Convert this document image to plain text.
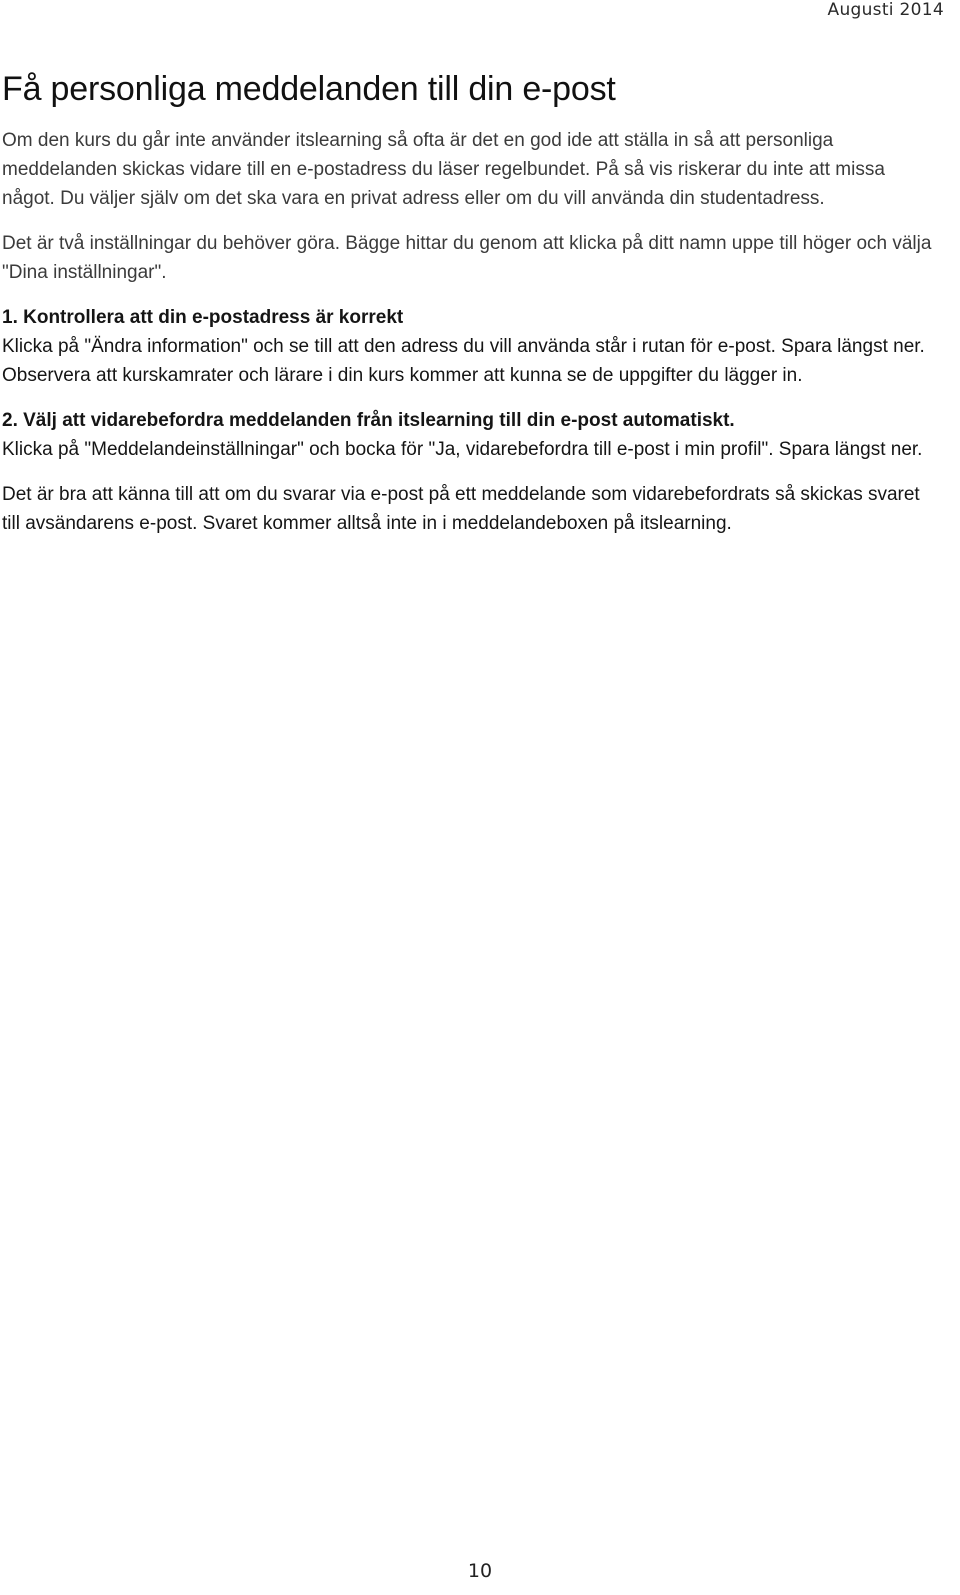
Augusti 2014
Få personliga meddelanden till din e-post

Om den kurs du går inte använder itslearning så ofta är det en god ide att ställa in så att personliga meddelanden skickas vidare till en e-postadress du läser regelbundet. På så vis riskerar du inte att missa något. Du väljer själv om det ska vara en privat adress eller om du vill använda din studentadress.

Det är två inställningar du behöver göra. Bägge hittar du genom att klicka på ditt namn uppe till höger och välja "Dina inställningar".

1. Kontrollera att din e-postadress är korrekt
Klicka på "Ändra information" och se till att den adress du vill använda står i rutan för e-post. Spara längst ner. Observera att kurskamrater och lärare i din kurs kommer att kunna se de uppgifter du lägger in.

2. Välj att vidarebefordra meddelanden från itslearning till din e-post automatiskt.
Klicka på "Meddelandeinställningar" och bocka för "Ja, vidarebefordra till e-post i min profil". Spara längst ner.

Det är bra att känna till att om du svarar via e-post på ett meddelande som vidarebefordrats så skickas svaret till avsändarens e-post. Svaret kommer alltså inte in i meddelandeboxen på itslearning.

10
